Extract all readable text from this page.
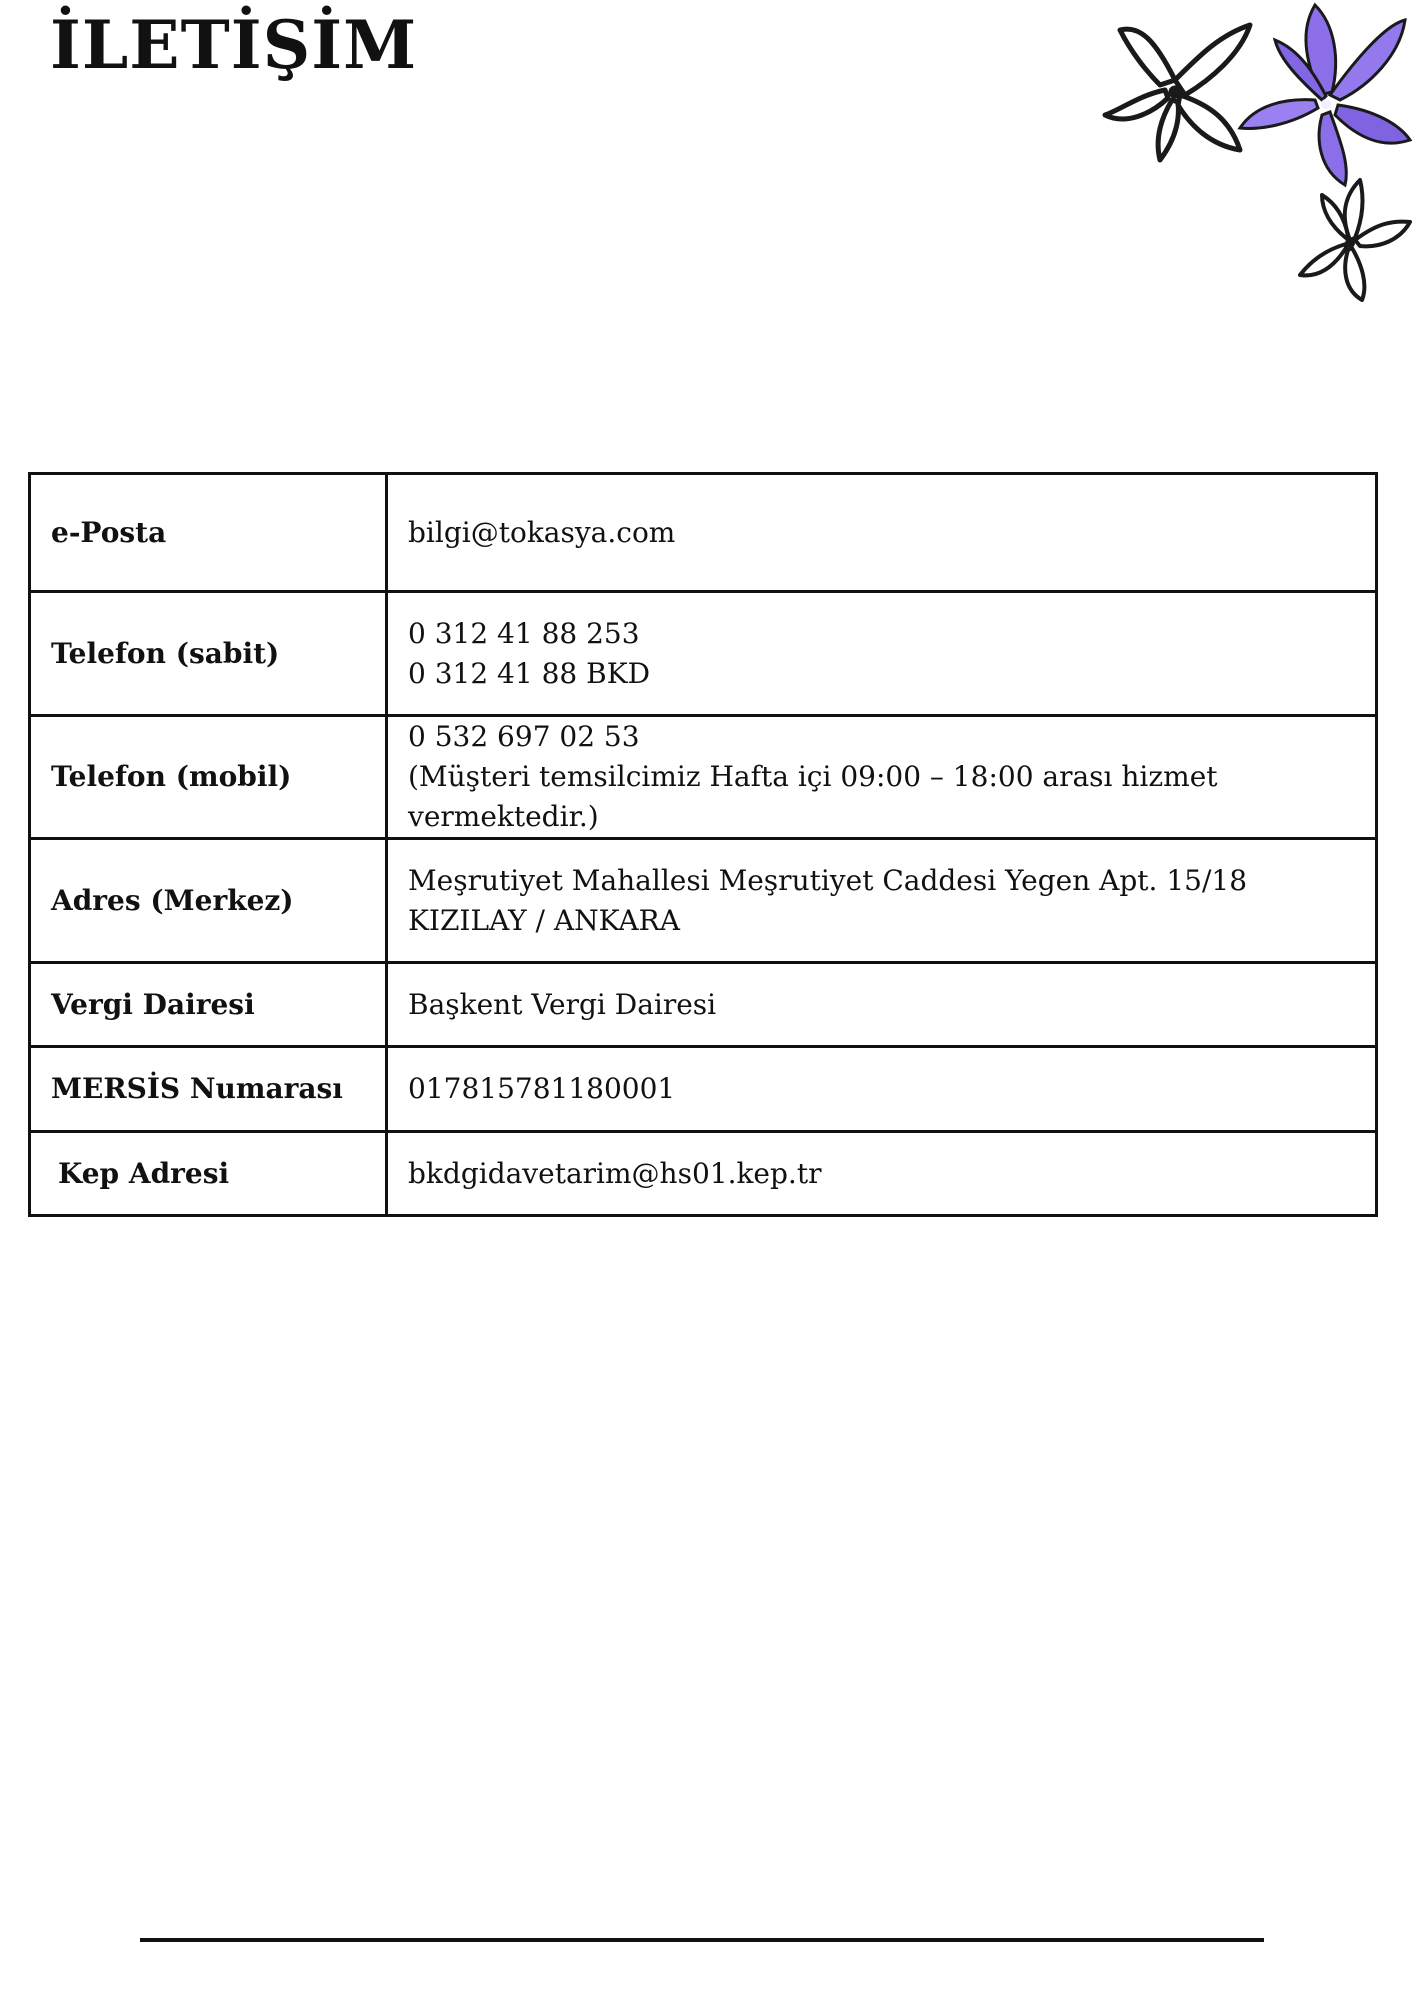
İLETİŞİM
e-Posta	bilgi@tokasya.com

Telefon (sabit)	0 312 41 88 253
0 312 41 88 BKD

Telefon (mobil)	0 532 697 02 53
(Müşteri temsilcimiz Hafta içi 09:00 – 18:00 arası hizmet vermektedir.)

Adres (Merkez)	Meşrutiyet Mahallesi Meşrutiyet Caddesi Yegen Apt. 15/18
KIZILAY / ANKARA

Vergi Dairesi	Başkent Vergi Dairesi

MERSİS Numarası	017815781180001

Kep Adresi	bkdgidavetarim@hs01.kep.tr
